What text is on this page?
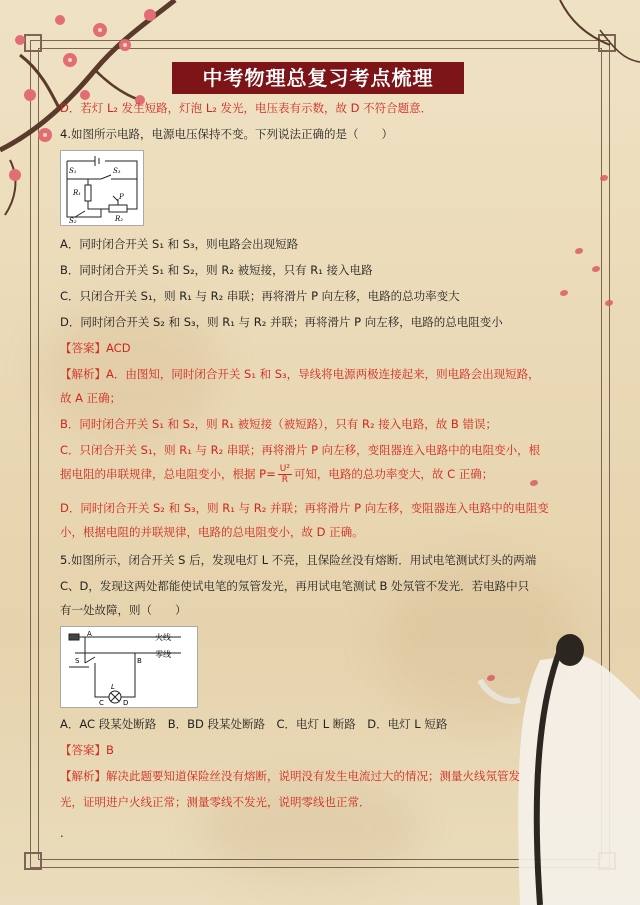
中考物理总复习考点梳理
D．若灯 L₂ 发生短路，灯泡 L₂ 发光，电压表有示数，故 D 不符合题意．
4.如图所示电路，电源电压保持不变。下列说法正确的是（　　）
S₁	S₃
R₁	P
S₂	R₂
A．同时闭合开关 S₁ 和 S₃，则电路会出现短路
B．同时闭合开关 S₁ 和 S₂，则 R₂ 被短接，只有 R₁ 接入电路
C．只闭合开关 S₁，则 R₁ 与 R₂ 串联；再将滑片 P 向左移，电路的总功率变大
D．同时闭合开关 S₂ 和 S₃，则 R₁ 与 R₂ 并联；再将滑片 P 向左移，电路的总电阻变小
【答案】ACD
【解析】A．由图知，同时闭合开关 S₁ 和 S₃，导线将电源两极连接起来，则电路会出现短路，
故 A 正确；
B．同时闭合开关 S₁ 和 S₂，则 R₁ 被短接（被短路），只有 R₂ 接入电路，故 B 错误；
C．只闭合开关 S₁，则 R₁ 与 R₂ 串联；再将滑片 P 向左移，变阻器连入电路中的电阻变小，根
据电阻的串联规律，总电阻变小，根据 $P= \frac{\text{U²}}{R}$ 可知，电路的总功率变大，故 C 正确；
D．同时闭合开关 S₂ 和 S₃，则 R₁ 与 R₂ 并联；再将滑片 P 向左移，变阻器连入电路中的电阻变
小，根据电阻的并联规律，电路的总电阻变小，故 D 正确。
5.如图所示，闭合开关 S 后，发现电灯 L 不亮，且保险丝没有熔断．用试电笔测试灯头的两端
C、D，发现这两处都能使试电笔的氖管发光，再用试电笔测试 B 处氖管不发光．若电路中只
有一处故障，则（　　）
火线
零线
A
B
S
C	D
L
A．AC 段某处断路　B．BD 段某处断路　C．电灯 L 断路　D．电灯 L 短路
【答案】B
【解析】解决此题要知道保险丝没有熔断，说明没有发生电流过大的情况；测量火线氖管发
光，证明进户火线正常；测量零线不发光，说明零线也正常．
.
